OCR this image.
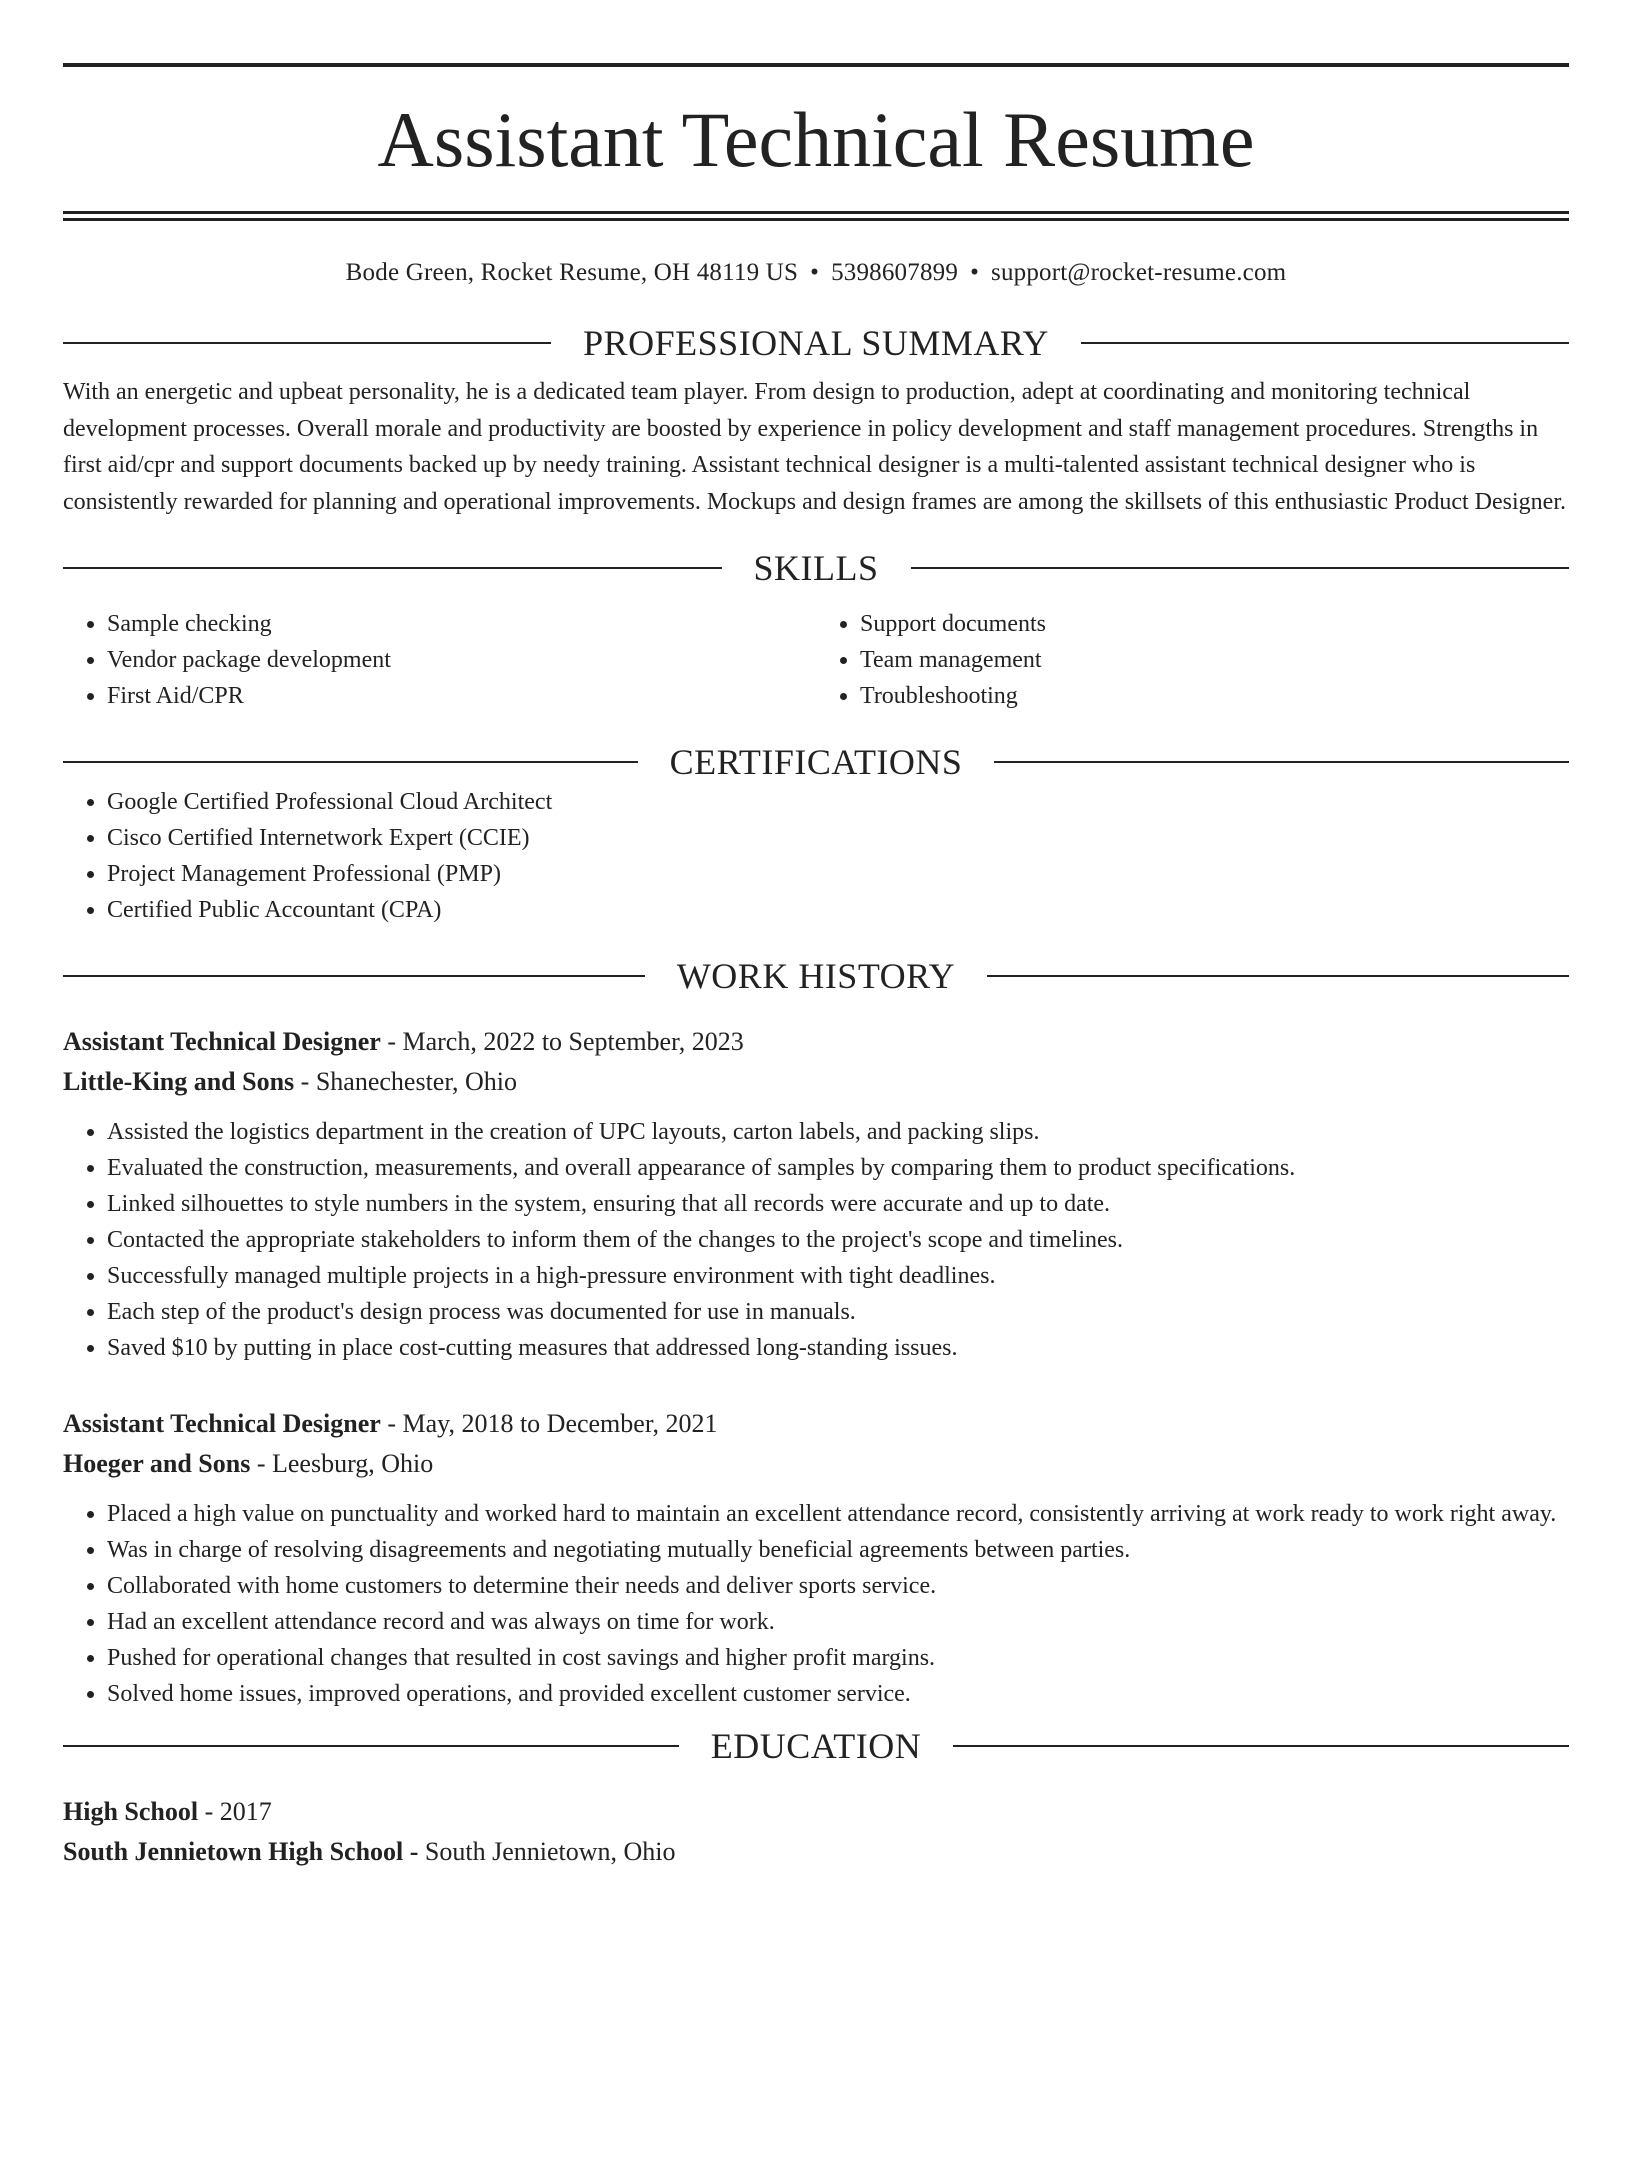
Assistant Technical Resume
Bode Green, Rocket Resume, OH 48119 US • 5398607899 • support@rocket-resume.com
PROFESSIONAL SUMMARY

With an energetic and upbeat personality, he is a dedicated team player. From design to production, adept at coordinating and monitoring technical development processes. Overall morale and productivity are boosted by experience in policy development and staff management procedures. Strengths in first aid/cpr and support documents backed up by needy training. Assistant technical designer is a multi-talented assistant technical designer who is consistently rewarded for planning and operational improvements. Mockups and design frames are among the skillsets of this enthusiastic Product Designer.

SKILLS
• Sample checking
• Vendor package development
• First Aid/CPR
• Support documents
• Team management
• Troubleshooting
CERTIFICATIONS
• Google Certified Professional Cloud Architect
• Cisco Certified Internetwork Expert (CCIE)
• Project Management Professional (PMP)
• Certified Public Accountant (CPA)
WORK HISTORY
Assistant Technical Designer - March, 2022 to September, 2023
Little-King and Sons - Shanechester, Ohio
• Assisted the logistics department in the creation of UPC layouts, carton labels, and packing slips.
• Evaluated the construction, measurements, and overall appearance of samples by comparing them to product specifications.
• Linked silhouettes to style numbers in the system, ensuring that all records were accurate and up to date.
• Contacted the appropriate stakeholders to inform them of the changes to the project's scope and timelines.
• Successfully managed multiple projects in a high-pressure environment with tight deadlines.
• Each step of the product's design process was documented for use in manuals.
• Saved $10 by putting in place cost-cutting measures that addressed long-standing issues.
Assistant Technical Designer - May, 2018 to December, 2021
Hoeger and Sons - Leesburg, Ohio
• Placed a high value on punctuality and worked hard to maintain an excellent attendance record, consistently arriving at work ready to work right away.
• Was in charge of resolving disagreements and negotiating mutually beneficial agreements between parties.
• Collaborated with home customers to determine their needs and deliver sports service.
• Had an excellent attendance record and was always on time for work.
• Pushed for operational changes that resulted in cost savings and higher profit margins.
• Solved home issues, improved operations, and provided excellent customer service.
EDUCATION
High School - 2017
South Jennietown High School - South Jennietown, Ohio
